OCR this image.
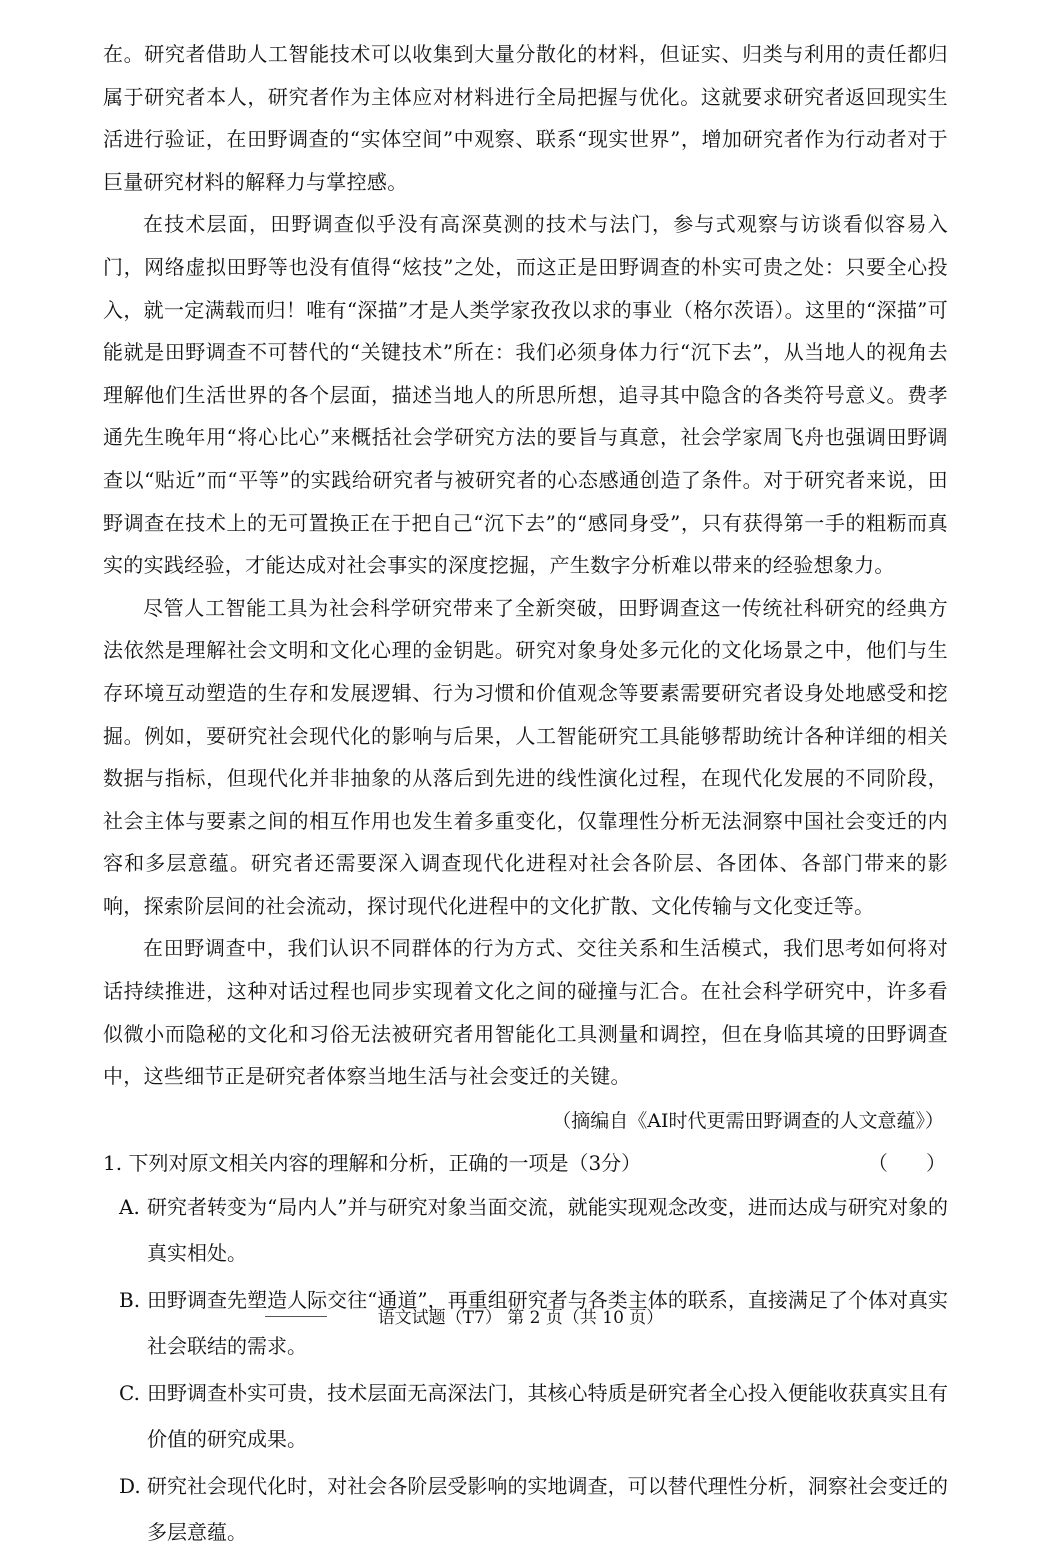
在。研究者借助人工智能技术可以收集到大量分散化的材料，但证实、归类与利用的责任都归属于研究者本人，研究者作为主体应对材料进行全局把握与优化。这就要求研究者返回现实生活进行验证，在田野调查的“实体空间”中观察、联系“现实世界”，增加研究者作为行动者对于巨量研究材料的解释力与掌控感。

在技术层面，田野调查似乎没有高深莫测的技术与法门，参与式观察与访谈看似容易入门，网络虚拟田野等也没有值得“炫技”之处，而这正是田野调查的朴实可贵之处：只要全心投入，就一定满载而归！唯有“深描”才是人类学家孜孜以求的事业（格尔茨语）。这里的“深描”可能就是田野调查不可替代的“关键技术”所在：我们必须身体力行“沉下去”，从当地人的视角去理解他们生活世界的各个层面，描述当地人的所思所想，追寻其中隐含的各类符号意义。费孝通先生晚年用“将心比心”来概括社会学研究方法的要旨与真意，社会学家周飞舟也强调田野调查以“贴近”而“平等”的实践给研究者与被研究者的心态感通创造了条件。对于研究者来说，田野调查在技术上的无可置换正在于把自己“沉下去”的“感同身受”，只有获得第一手的粗粝而真实的实践经验，才能达成对社会事实的深度挖掘，产生数字分析难以带来的经验想象力。

尽管人工智能工具为社会科学研究带来了全新突破，田野调查这一传统社科研究的经典方法依然是理解社会文明和文化心理的金钥匙。研究对象身处多元化的文化场景之中，他们与生存环境互动塑造的生存和发展逻辑、行为习惯和价值观念等要素需要研究者设身处地感受和挖掘。例如，要研究社会现代化的影响与后果，人工智能研究工具能够帮助统计各种详细的相关数据与指标，但现代化并非抽象的从落后到先进的线性演化过程，在现代化发展的不同阶段，社会主体与要素之间的相互作用也发生着多重变化，仅靠理性分析无法洞察中国社会变迁的内容和多层意蕴。研究者还需要深入调查现代化进程对社会各阶层、各团体、各部门带来的影响，探索阶层间的社会流动，探讨现代化进程中的文化扩散、文化传输与文化变迁等。

在田野调查中，我们认识不同群体的行为方式、交往关系和生活模式，我们思考如何将对话持续推进，这种对话过程也同步实现着文化之间的碰撞与汇合。在社会科学研究中，许多看似微小而隐秘的文化和习俗无法被研究者用智能化工具测量和调控，但在身临其境的田野调查中，这些细节正是研究者体察当地生活与社会变迁的关键。

（摘编自《AI时代更需田野调查的人文意蕴》）

1. 下列对原文相关内容的理解和分析，正确的一项是（3分）	（      ）
A. 研究者转变为“局内人”并与研究对象当面交流，就能实现观念改变，进而达成与研究对象的真实相处。
B. 田野调查先塑造人际交往“通道”，再重组研究者与各类主体的联系，直接满足了个体对真实社会联结的需求。
C. 田野调查朴实可贵，技术层面无高深法门，其核心特质是研究者全心投入便能收获真实且有价值的研究成果。
D. 研究社会现代化时，对社会各阶层受影响的实地调查，可以替代理性分析，洞察社会变迁的多层意蕴。
语文试题（T7） 第 2 页（共 10 页）
